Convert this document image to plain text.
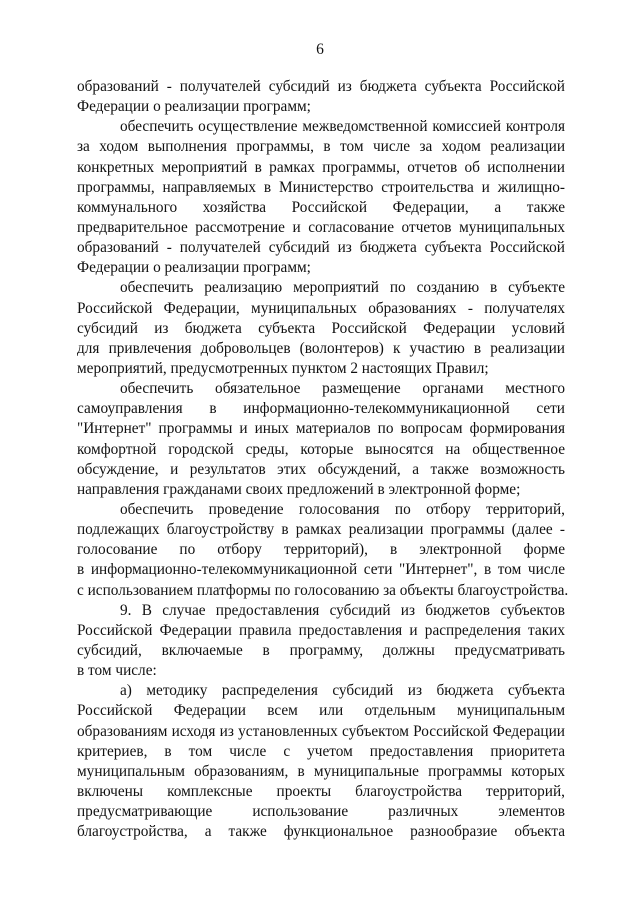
6
образований - получателей субсидий из бюджета субъекта Российской
Федерации о реализации программ;
обеспечить осуществление межведомственной комиссией контроля
за ходом выполнения программы, в том числе за ходом реализации
конкретных мероприятий в рамках программы, отчетов об исполнении
программы, направляемых в Министерство строительства и жилищно-
коммунального хозяйства Российской Федерации, а также
предварительное рассмотрение и согласование отчетов муниципальных
образований - получателей субсидий из бюджета субъекта Российской
Федерации о реализации программ;
обеспечить реализацию мероприятий по созданию в субъекте
Российской Федерации, муниципальных образованиях - получателях
субсидий из бюджета субъекта Российской Федерации условий
для привлечения добровольцев (волонтеров) к участию в реализации
мероприятий, предусмотренных пунктом 2 настоящих Правил;
обеспечить обязательное размещение органами местного
самоуправления в информационно-телекоммуникационной сети
"Интернет" программы и иных материалов по вопросам формирования
комфортной городской среды, которые выносятся на общественное
обсуждение, и результатов этих обсуждений, а также возможность
направления гражданами своих предложений в электронной форме;
обеспечить проведение голосования по отбору территорий,
подлежащих благоустройству в рамках реализации программы (далее -
голосование по отбору территорий), в электронной форме
в информационно-телекоммуникационной сети "Интернет", в том числе
с использованием платформы по голосованию за объекты благоустройства.
9. В случае предоставления субсидий из бюджетов субъектов
Российской Федерации правила предоставления и распределения таких
субсидий, включаемые в программу, должны предусматривать
в том числе:
а) методику распределения субсидий из бюджета субъекта
Российской Федерации всем или отдельным муниципальным
образованиям исходя из установленных субъектом Российской Федерации
критериев, в том числе с учетом предоставления приоритета
муниципальным образованиям, в муниципальные программы которых
включены комплексные проекты благоустройства территорий,
предусматривающие использование различных элементов
благоустройства, а также функциональное разнообразие объекта
